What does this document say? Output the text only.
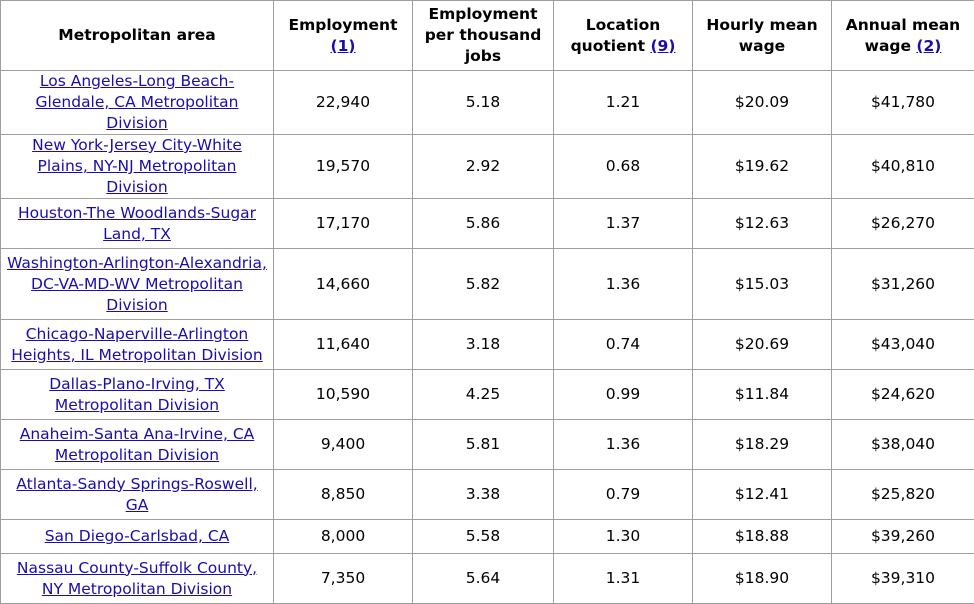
Metropolitan area	Employment (1)	Employment per thousand jobs	Location quotient (9)	Hourly mean wage	Annual mean wage (2)
Los Angeles-Long Beach-Glendale, CA Metropolitan Division	22,940	5.18	1.21	$20.09	$41,780
New York-Jersey City-White Plains, NY-NJ Metropolitan Division	19,570	2.92	0.68	$19.62	$40,810
Houston-The Woodlands-Sugar Land, TX	17,170	5.86	1.37	$12.63	$26,270
Washington-Arlington-Alexandria, DC-VA-MD-WV Metropolitan Division	14,660	5.82	1.36	$15.03	$31,260
Chicago-Naperville-Arlington Heights, IL Metropolitan Division	11,640	3.18	0.74	$20.69	$43,040
Dallas-Plano-Irving, TX Metropolitan Division	10,590	4.25	0.99	$11.84	$24,620
Anaheim-Santa Ana-Irvine, CA Metropolitan Division	9,400	5.81	1.36	$18.29	$38,040
Atlanta-Sandy Springs-Roswell, GA	8,850	3.38	0.79	$12.41	$25,820
San Diego-Carlsbad, CA	8,000	5.58	1.30	$18.88	$39,260
Nassau County-Suffolk County, NY Metropolitan Division	7,350	5.64	1.31	$18.90	$39,310
